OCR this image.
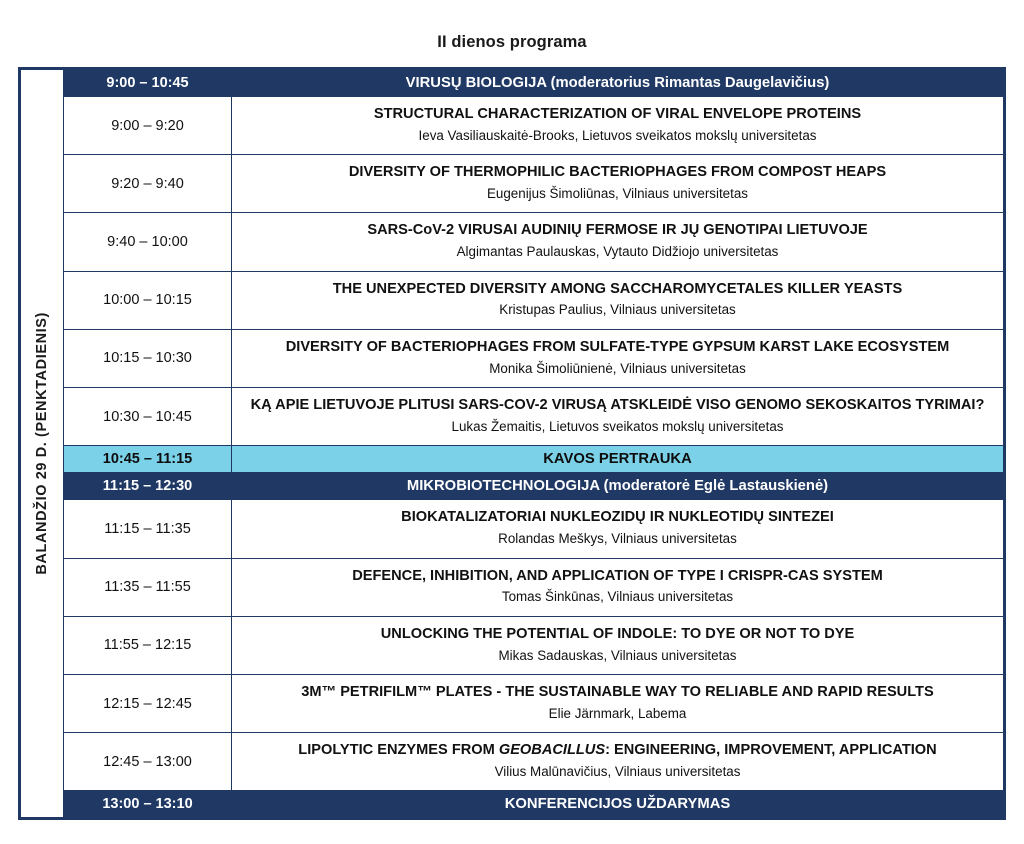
II dienos programa
BALANDŽIO 29 D. (PENKTADIENIS)	9:00 – 10:45	VIRUSŲ BIOLOGIJA (moderatorius Rimantas Daugelavičius)
	9:00 – 9:20	STRUCTURAL CHARACTERIZATION OF VIRAL ENVELOPE PROTEINS
Ieva Vasiliauskaitė-Brooks, Lietuvos sveikatos mokslų universitetas

	9:20 – 9:40	DIVERSITY OF THERMOPHILIC BACTERIOPHAGES FROM COMPOST HEAPS
Eugenijus Šimoliūnas, Vilniaus universitetas

	9:40 – 10:00	SARS-CoV-2 VIRUSAI AUDINIŲ FERMOSE IR JŲ GENOTIPAI LIETUVOJE
Algimantas Paulauskas, Vytauto Didžiojo universitetas

	10:00 – 10:15	THE UNEXPECTED DIVERSITY AMONG SACCHAROMYCETALES KILLER YEASTS
Kristupas Paulius, Vilniaus universitetas

	10:15 – 10:30	DIVERSITY OF BACTERIOPHAGES FROM SULFATE-TYPE GYPSUM KARST LAKE ECOSYSTEM
Monika Šimoliūnienė, Vilniaus universitetas

	10:30 – 10:45	KĄ APIE LIETUVOJE PLITUSI SARS-COV-2 VIRUSĄ ATSKLEIDĖ VISO GENOMO SEKOSKAITOS TYRIMAI?
Lukas Žemaitis, Lietuvos sveikatos mokslų universitetas

	10:45 – 11:15	KAVOS PERTRAUKA
	11:15 – 12:30	MIKROBIOTECHNOLOGIJA (moderatorė Eglė Lastauskienė)
	11:15 – 11:35	BIOKATALIZATORIAI NUKLEOZIDŲ IR NUKLEOTIDŲ SINTEZEI
Rolandas Meškys, Vilniaus universitetas

	11:35 – 11:55	DEFENCE, INHIBITION, AND APPLICATION OF TYPE I CRISPR-CAS SYSTEM
Tomas Šinkūnas, Vilniaus universitetas

	11:55 – 12:15	UNLOCKING THE POTENTIAL OF INDOLE: TO DYE OR NOT TO DYE
Mikas Sadauskas, Vilniaus universitetas

	12:15 – 12:45	3M™ PETRIFILM™ PLATES - THE SUSTAINABLE WAY TO RELIABLE AND RAPID RESULTS
Elie Järnmark, Labema

	12:45 – 13:00	LIPOLYTIC ENZYMES FROM GEOBACILLUS: ENGINEERING, IMPROVEMENT, APPLICATION
Vilius Malūnavičius, Vilniaus universitetas

	13:00 – 13:10	KONFERENCIJOS UŽDARYMAS
